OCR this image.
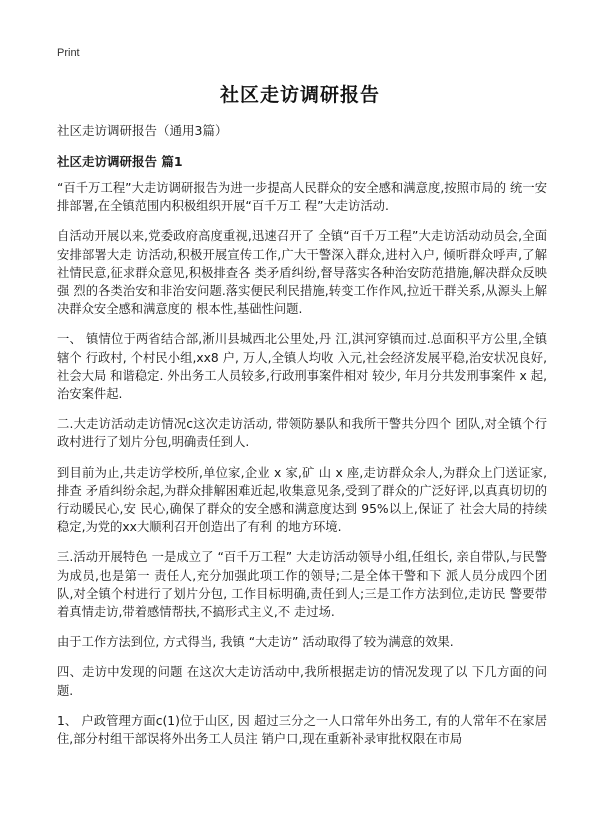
Print
社区走访调研报告
社区走访调研报告（通用3篇）
社区走访调研报告 篇1

“百千万工程”大走访调研报告为进一步提高人民群众的安全感和满意度,按照市局的 统一安排部署,在全镇范围内积极组织开展“百千万工 程”大走访活动.

自活动开展以来,党委政府高度重视,迅速召开了 全镇“百千万工程”大走访活动动员会,全面安排部署大走 访活动,积极开展宣传工作,广大干警深入群众,进村入户, 倾听群众呼声,了解社情民意,征求群众意见,积极排查各 类矛盾纠纷,督导落实各种治安防范措施,解决群众反映强 烈的各类治安和非治安问题.落实便民利民措施,转变工作作风,拉近干群关系,从源头上解决群众安全感和满意度的 根本性,基础性问题.

一、 镇情位于两省结合部,淅川县城西北公里处,丹 江,淇河穿镇而过.总面积平方公里,全镇辖个 行政村, 个村民小组,xx8 户, 万人,全镇人均收 入元,社会经济发展平稳,治安状况良好,社会大局 和谐稳定. 外出务工人员较多,行政刑事案件相对 较少, 年月分共发刑事案件 x 起,治安案件起.

二.大走访活动走访情况c这次走访活动, 带领防暴队和我所干警共分四个 团队,对全镇个行政村进行了划片分包,明确责任到人.

到目前为止,共走访学校所,单位家,企业 x 家,矿 山 x 座,走访群众余人,为群众上门送证家,排查 矛盾纠纷余起,为群众排解困难近起,收集意见条,受到了群众的广泛好评,以真真切切的行动暖民心,安 民心,确保了群众的安全感和满意度达到 95%以上,保证了 社会大局的持续稳定,为党的xx大顺利召开创造出了有利 的地方环境.

三.活动开展特色 一是成立了 “百千万工程” 大走访活动领导小组,任组长, 亲自带队,与民警为成员,也是第一 责任人,充分加强此项工作的领导;二是全体干警和下 派人员分成四个团队,对全镇个村进行了划片分包, 工作目标明确,责任到人;三是工作方法到位,走访民 警要带着真情走访,带着感情帮扶,不搞形式主义,不 走过场.

由于工作方法到位, 方式得当, 我镇 “大走访” 活动取得了较为满意的效果.

四、走访中发现的问题 在这次大走访活动中,我所根据走访的情况发现了以 下几方面的问题.

1、 户政管理方面c(1)位于山区, 因 超过三分之一人口常年外出务工, 有的人常年不在家居住,部分村组干部误将外出务工人员注 销户口,现在重新补录审批权限在市局
